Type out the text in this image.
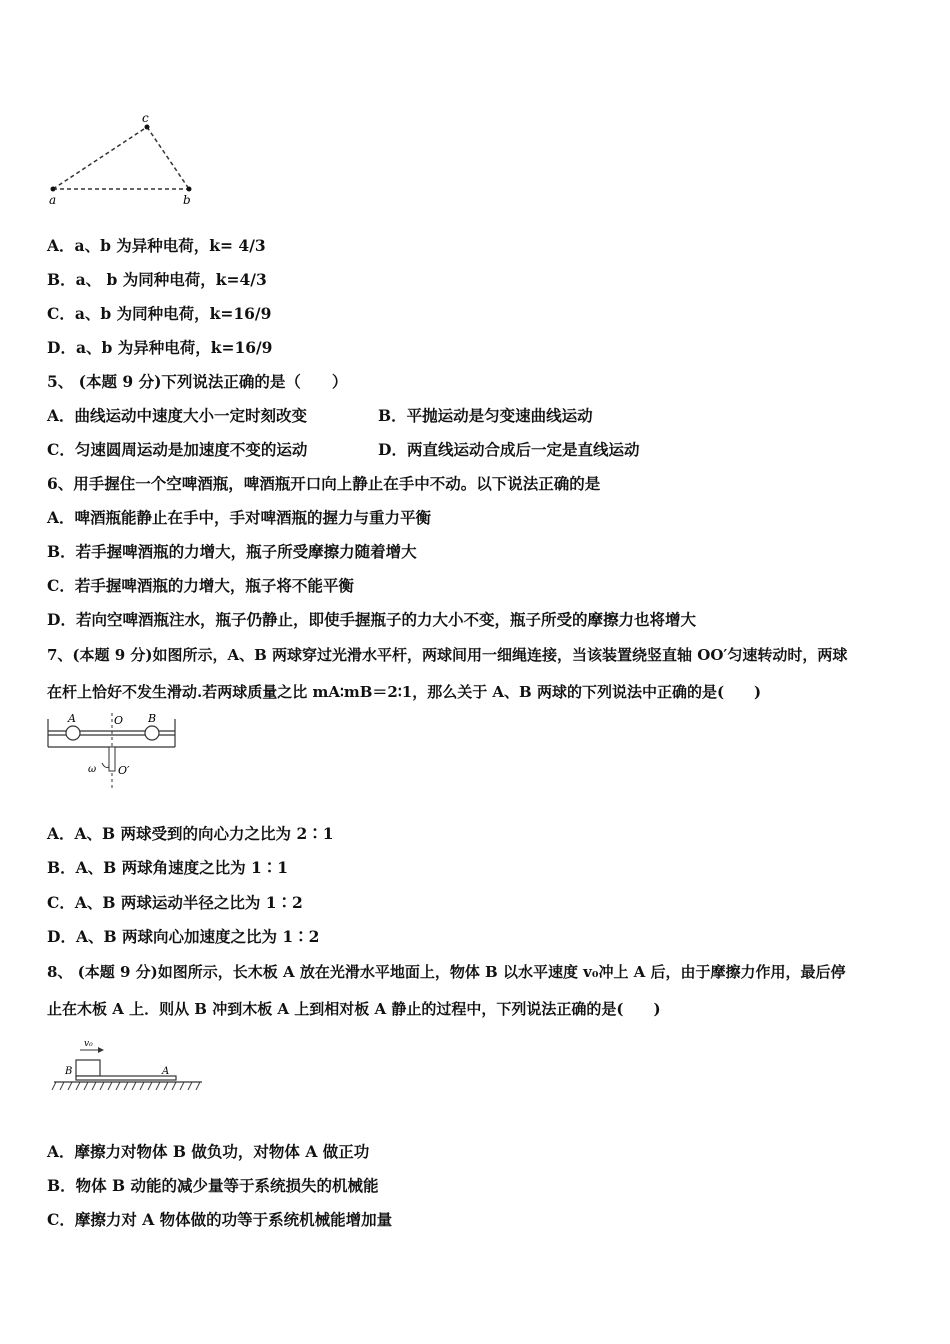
a	b
c
A．a、b 为异种电荷，k= 4/3
B．a、 b 为同种电荷，k=4/3
C．a、b 为同种电荷，k=16/9
D．a、b 为异种电荷，k=16/9
5、 (本题 9 分)下列说法正确的是（　　）
A．曲线运动中速度大小一定时刻改变	B．平抛运动是匀变速曲线运动
C．匀速圆周运动是加速度不变的运动	D．两直线运动合成后一定是直线运动
6、用手握住一个空啤酒瓶，啤酒瓶开口向上静止在手中不动。以下说法正确的是
A．啤酒瓶能静止在手中，手对啤酒瓶的握力与重力平衡
B．若手握啤酒瓶的力增大，瓶子所受摩擦力随着增大
C．若手握啤酒瓶的力增大，瓶子将不能平衡
D．若向空啤酒瓶注水，瓶子仍静止，即使手握瓶子的力大小不变，瓶子所受的摩擦力也将增大
7、(本题 9 分)如图所示，A、B 两球穿过光滑水平杆，两球间用一细绳连接，当该装置绕竖直轴 OO′匀速转动时，两球
在杆上恰好不发生滑动.若两球质量之比 mA∶mB＝2∶1，那么关于 A、B 两球的下列说法中正确的是(　　)
A	O B
ω O′
A．A、B 两球受到的向心力之比为 2∶1
B．A、B 两球角速度之比为 1∶1
C．A、B 两球运动半径之比为 1∶2
D．A、B 两球向心加速度之比为 1∶2
8、 (本题 9 分)如图所示，长木板 A 放在光滑水平地面上，物体 B 以水平速度 v₀冲上 A 后，由于摩擦力作用，最后停
止在木板 A 上．则从 B 冲到木板 A 上到相对板 A 静止的过程中，下列说法正确的是(　　)
v₀
B	A
A．摩擦力对物体 B 做负功，对物体 A 做正功
B．物体 B 动能的减少量等于系统损失的机械能
C．摩擦力对 A 物体做的功等于系统机械能增加量
